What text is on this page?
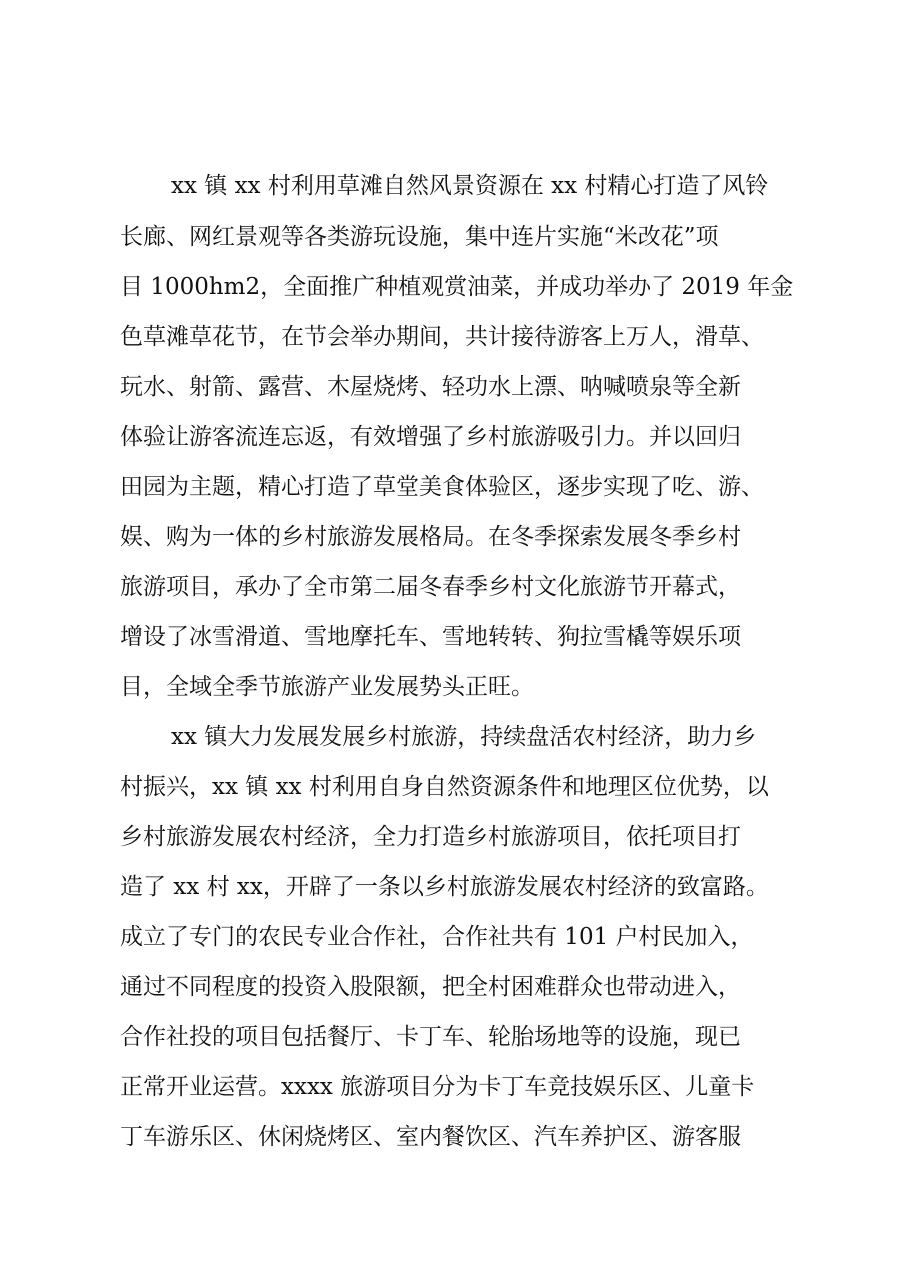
xx 镇 xx 村利用草滩自然风景资源在 xx 村精心打造了风铃
长廊、网红景观等各类游玩设施，集中连片实施“米改花”项
目 1000hm2，全面推广种植观赏油菜，并成功举办了 2019 年金
色草滩草花节，在节会举办期间，共计接待游客上万人，滑草、
玩水、射箭、露营、木屋烧烤、轻功水上漂、呐喊喷泉等全新
体验让游客流连忘返，有效增强了乡村旅游吸引力。并以回归
田园为主题，精心打造了草堂美食体验区，逐步实现了吃、游、
娱、购为一体的乡村旅游发展格局。在冬季探索发展冬季乡村
旅游项目，承办了全市第二届冬春季乡村文化旅游节开幕式，
增设了冰雪滑道、雪地摩托车、雪地转转、狗拉雪橇等娱乐项
目，全域全季节旅游产业发展势头正旺。
xx 镇大力发展发展乡村旅游，持续盘活农村经济，助力乡
村振兴，xx 镇 xx 村利用自身自然资源条件和地理区位优势，以
乡村旅游发展农村经济，全力打造乡村旅游项目，依托项目打
造了 xx 村 xx，开辟了一条以乡村旅游发展农村经济的致富路。
成立了专门的农民专业合作社，合作社共有 101 户村民加入，
通过不同程度的投资入股限额，把全村困难群众也带动进入，
合作社投的项目包括餐厅、卡丁车、轮胎场地等的设施，现已
正常开业运营。xxxx 旅游项目分为卡丁车竞技娱乐区、儿童卡
丁车游乐区、休闲烧烤区、室内餐饮区、汽车养护区、游客服
